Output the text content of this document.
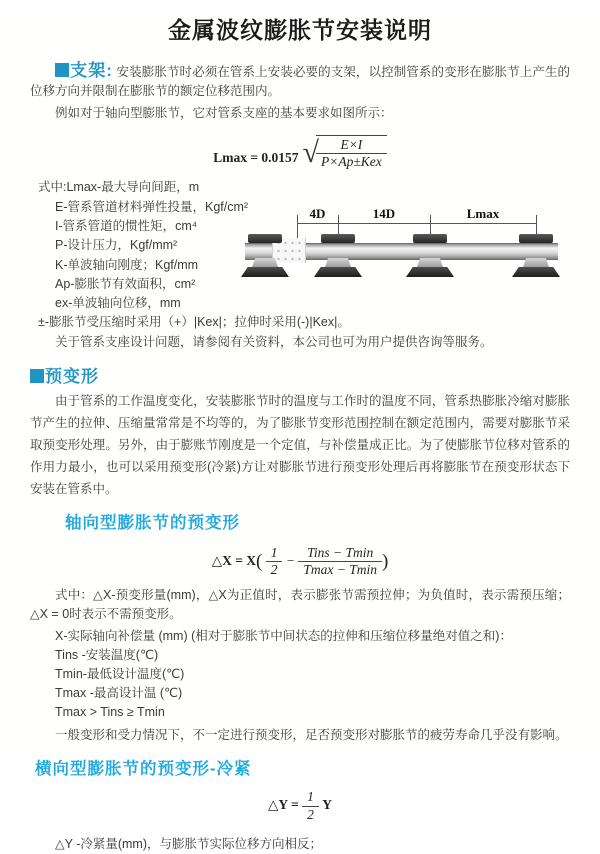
金属波纹膨胀节安装说明

支架: 安装膨胀节时必须在管系上安装必要的支架，以控制管系的变形在膨胀节上产生的位移方向并限制在膨胀节的额定位移范围内。

例如对于轴向型膨胀节，它对管系支座的基本要求如图所示：

Lmax = 0.0157 √
$\frac{E\times I}{\text{P×Ap±Kex}}$
式中:Lmax-最大导向间距，m
E-管系管道材料弹性投量，Kgf/cm²
I-管系管道的惯性矩，cm⁴
P-设计压力，Kgf/mm²
K-单波轴向刚度；Kgf/mm
Ap-膨胀节有效面积，cm²
ex-单波轴向位移，mm
±-膨胀节受压缩时采用（+）|Kex|；拉伸时采用(-)|Kex|。
关于管系支座设计问题，请参阅有关资料，本公司也可为用户提供咨询等服务。

预变形

由于管系的工作温度变化，安装膨胀节时的温度与工作时的温度不同，管系热膨胀冷缩对膨胀节产生的拉伸、压缩量常常是不均等的，为了膨胀节变形范围控制在额定范围内，需要对膨胀节采取预变形处理。另外，由于膨账节刚度是一个定值，与补偿量成正比。为了使膨胀节位移对管系的作用力最小，也可以采用预变形(冷紧)方让对膨胀节进行预变形处理后再将膨胀节在预变形状态下安装在管系中。

轴向型膨胀节的预变形
△X = $X( \frac{1}{2} - \frac{\text{Tins − Tmin}}{Tmax - Tmin}$ )

式中：△X-预变形量(mm)，△X为正值时，表示膨张节需预拉伸；为负值时，表示需预压缩；△X = 0时表示不需预变形。

X-实际轴向补偿量 (mm) (相对于膨胀节中间状态的拉伸和压缩位移量绝对值之和)：

Tins -安装温度(℃)
Tmin-最低设计温度(℃)
Tmax -最高设计温 (℃)
Tmax > Tins ≥ Tmin

一般变形和受力情况下，不一定进行预变形，足否预变形对膨胀节的疲劳寿命几乎没有影响。

横向型膨胀节的预变形-冷紧
△Y = $\frac{1}{2}$ Y
△Y -冷紧量(mm)，与膨胀节实际位移方向相反；
4D	14D	Lmax
